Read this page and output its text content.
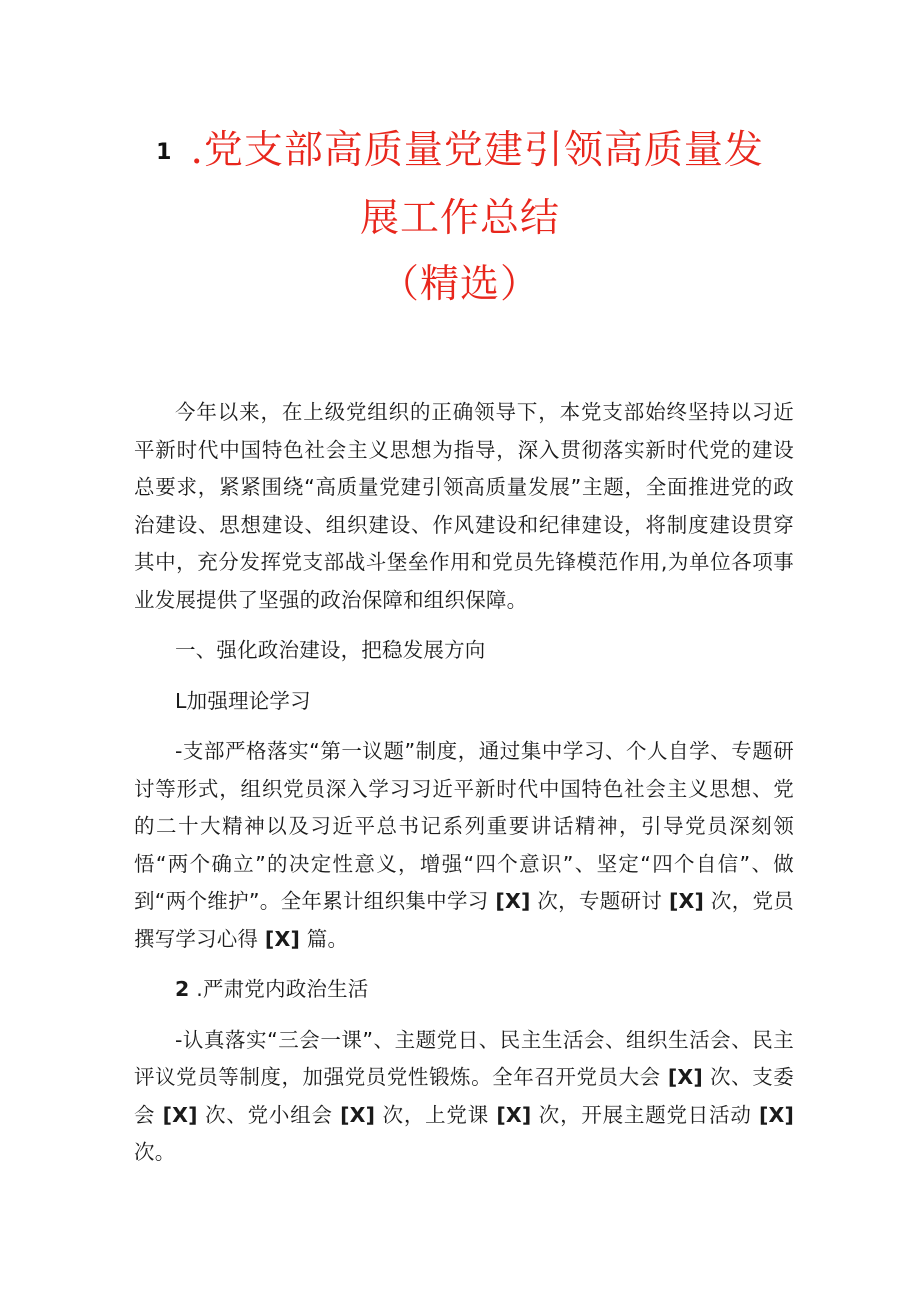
1 .党支部高质量党建引领高质量发
展工作总结
（精选）

今年以来，在上级党组织的正确领导下，本党支部始终坚持以习近平新时代中国特色社会主义思想为指导，深入贯彻落实新时代党的建设总要求，紧紧围绕“高质量党建引领高质量发展”主题，全面推进党的政治建设、思想建设、组织建设、作风建设和纪律建设，将制度建设贯穿其中，充分发挥党支部战斗堡垒作用和党员先锋模范作用,为单位各项事业发展提供了坚强的政治保障和组织保障。

一、强化政治建设，把稳发展方向

L加强理论学习

-支部严格落实“第一议题”制度，通过集中学习、个人自学、专题研讨等形式，组织党员深入学习习近平新时代中国特色社会主义思想、党的二十大精神以及习近平总书记系列重要讲话精神，引导党员深刻领悟“两个确立”的决定性意义，增强“四个意识”、坚定“四个自信”、做到“两个维护”。全年累计组织集中学习 [X] 次，专题研讨 [X] 次，党员撰写学习心得 [X] 篇。

2 .严肃党内政治生活

-认真落实“三会一课”、主题党日、民主生活会、组织生活会、民主评议党员等制度，加强党员党性锻炼。全年召开党员大会 [X] 次、支委会 [X] 次、党小组会 [X] 次，上党课 [X] 次，开展主题党日活动 [X] 次。
